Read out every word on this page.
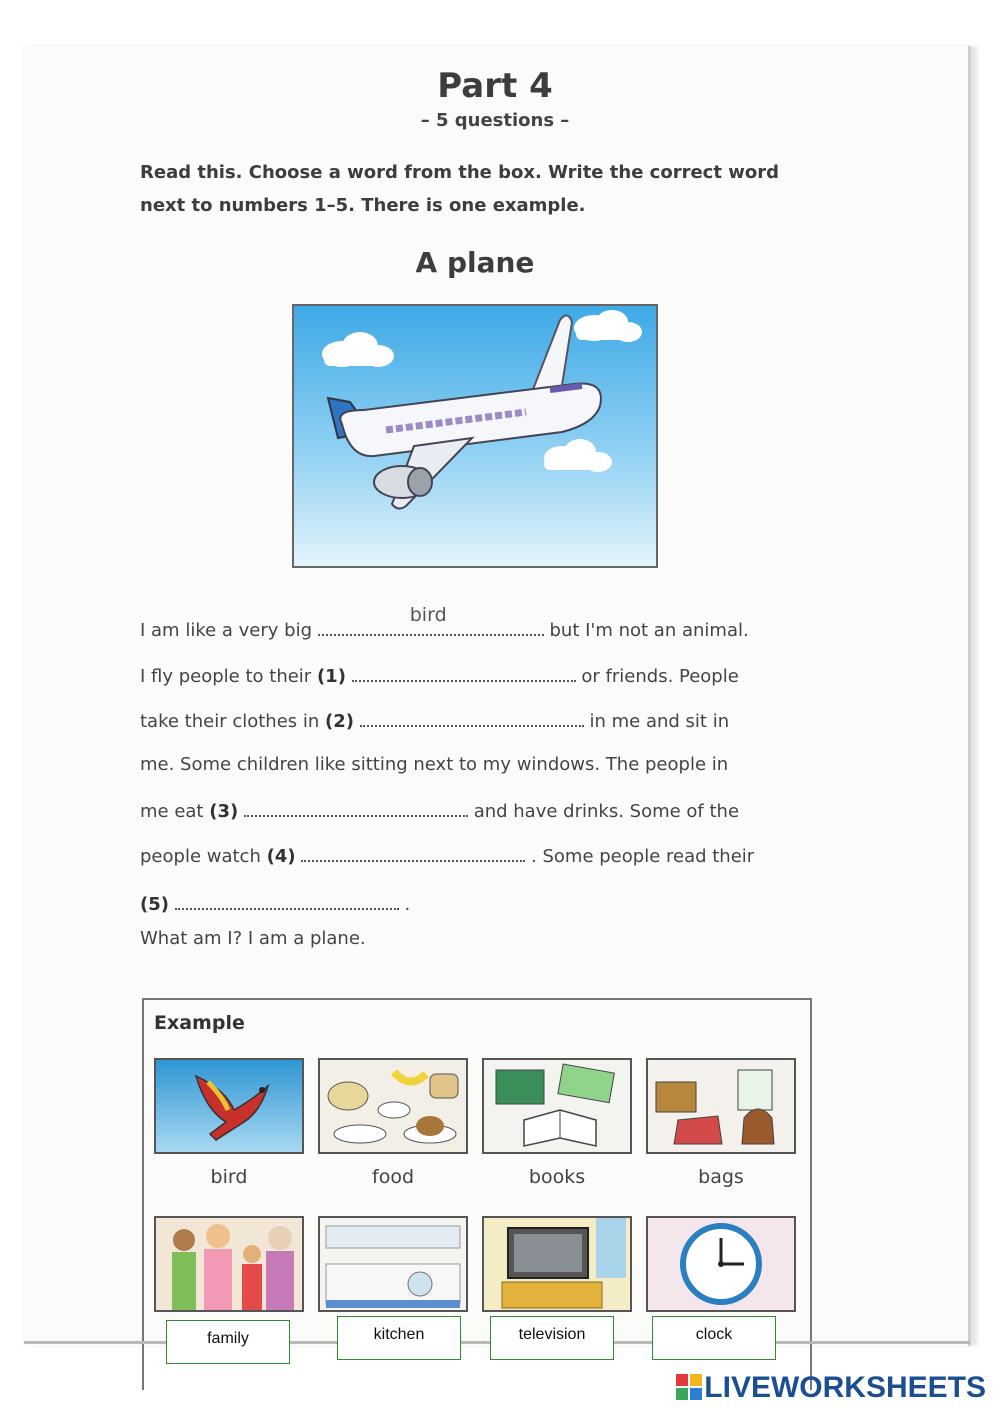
Part 4
– 5 questions –
Read this. Choose a word from the box. Write the correct word next to numbers 1–5. There is one example.
A plane
I am like a very big
bird
but I'm not an animal.
I fly people to their (1)	or friends. People
take their clothes in (2)	in me and sit in
me. Some children like sitting next to my windows. The people in
me eat (3)	and have drinks. Some of the
people watch (4)	. Some people read their
(5)	.
What am I? I am a plane.
Example
bird	food	books	bags
family	kitchen	television	clock
LIVEWORKSHEETS
